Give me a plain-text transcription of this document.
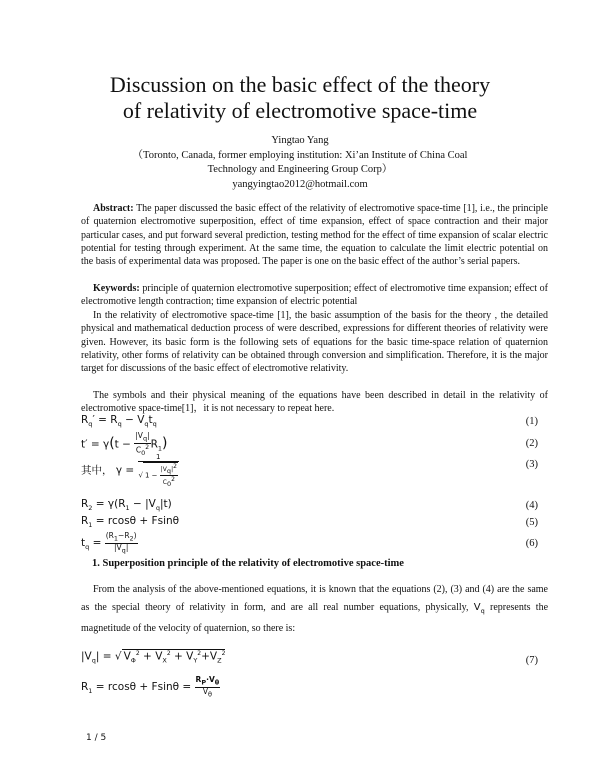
Discussion on the basic effect of the theory
of relativity of electromotive space-time
Yingtao Yang
（Toronto, Canada, former employing institution: Xi’an Institute of China Coal
Technology and Engineering Group Corp）
yangyingtao2012@hotmail.com
Abstract: The paper discussed the basic effect of the relativity of electromotive space-time [1], i.e., the principle of quaternion electromotive superposition, effect of time expansion, effect of space contraction and their major particular cases, and put forward several prediction, testing method for the effect of time expansion of scalar electric potential for testing through experiment. At the same time, the equation to calculate the limit electric potential on the basis of experimental data was proposed. The paper is one on the basic effect of the author’s serial papers.
Keywords: principle of quaternion electromotive superposition; effect of electromotive time expansion; effect of electromotive length contraction; time expansion of electric potential
In the relativity of electromotive space-time [1], the basic assumption of the basis for the theory , the detailed physical and mathematical deduction process of were described, expressions for different theories of relativity were given. However, its basic form is the following sets of equations for the basic time-space relation of quaternion relativity, other forms of relativity can be obtained through conversion and simplification. Therefore, it is the major target for discussions of the basic effect of electromotive relativity.
The symbols and their physical meaning of the equations have been described in detail in the relativity of electromotive space-time[1]，it is not necessary to repeat here.
$R_q' = R_q - V_qt_q$	(1)
$t' = \gamma(t - \frac{|Vq|}{C0^2} R_1)$	(2)
其中， $\gamma = \frac{1}{√ 1 - \frac{|Vq|2}{C02}}$	(3)
$R_2 = \gamma(R_1 - |V_q|t)$	(4)
$R_1 = rcos\theta + Fsin\theta$	(5)
$t_q = \frac{(R1-R2)}{|Vq|}$	(6)
1. Superposition principle of the relativity of electromotive space-time
From the analysis of the above-mentioned equations, it is known that the equations (2), (3) and (4) are the same as the special theory of relativity in form, and are all real number equations, physically, $V_q$ represents the magnetitude of the velocity of quaternion, so there is:
$|V_q|$ = √ $V_\Phi^2 + V_X^2 + V_Y^2+V_Z^2$
(7)
$R_1 = rcos\theta + Fsin\theta = \frac{RP\cdot V\theta}{V\theta}$
1 / 5
